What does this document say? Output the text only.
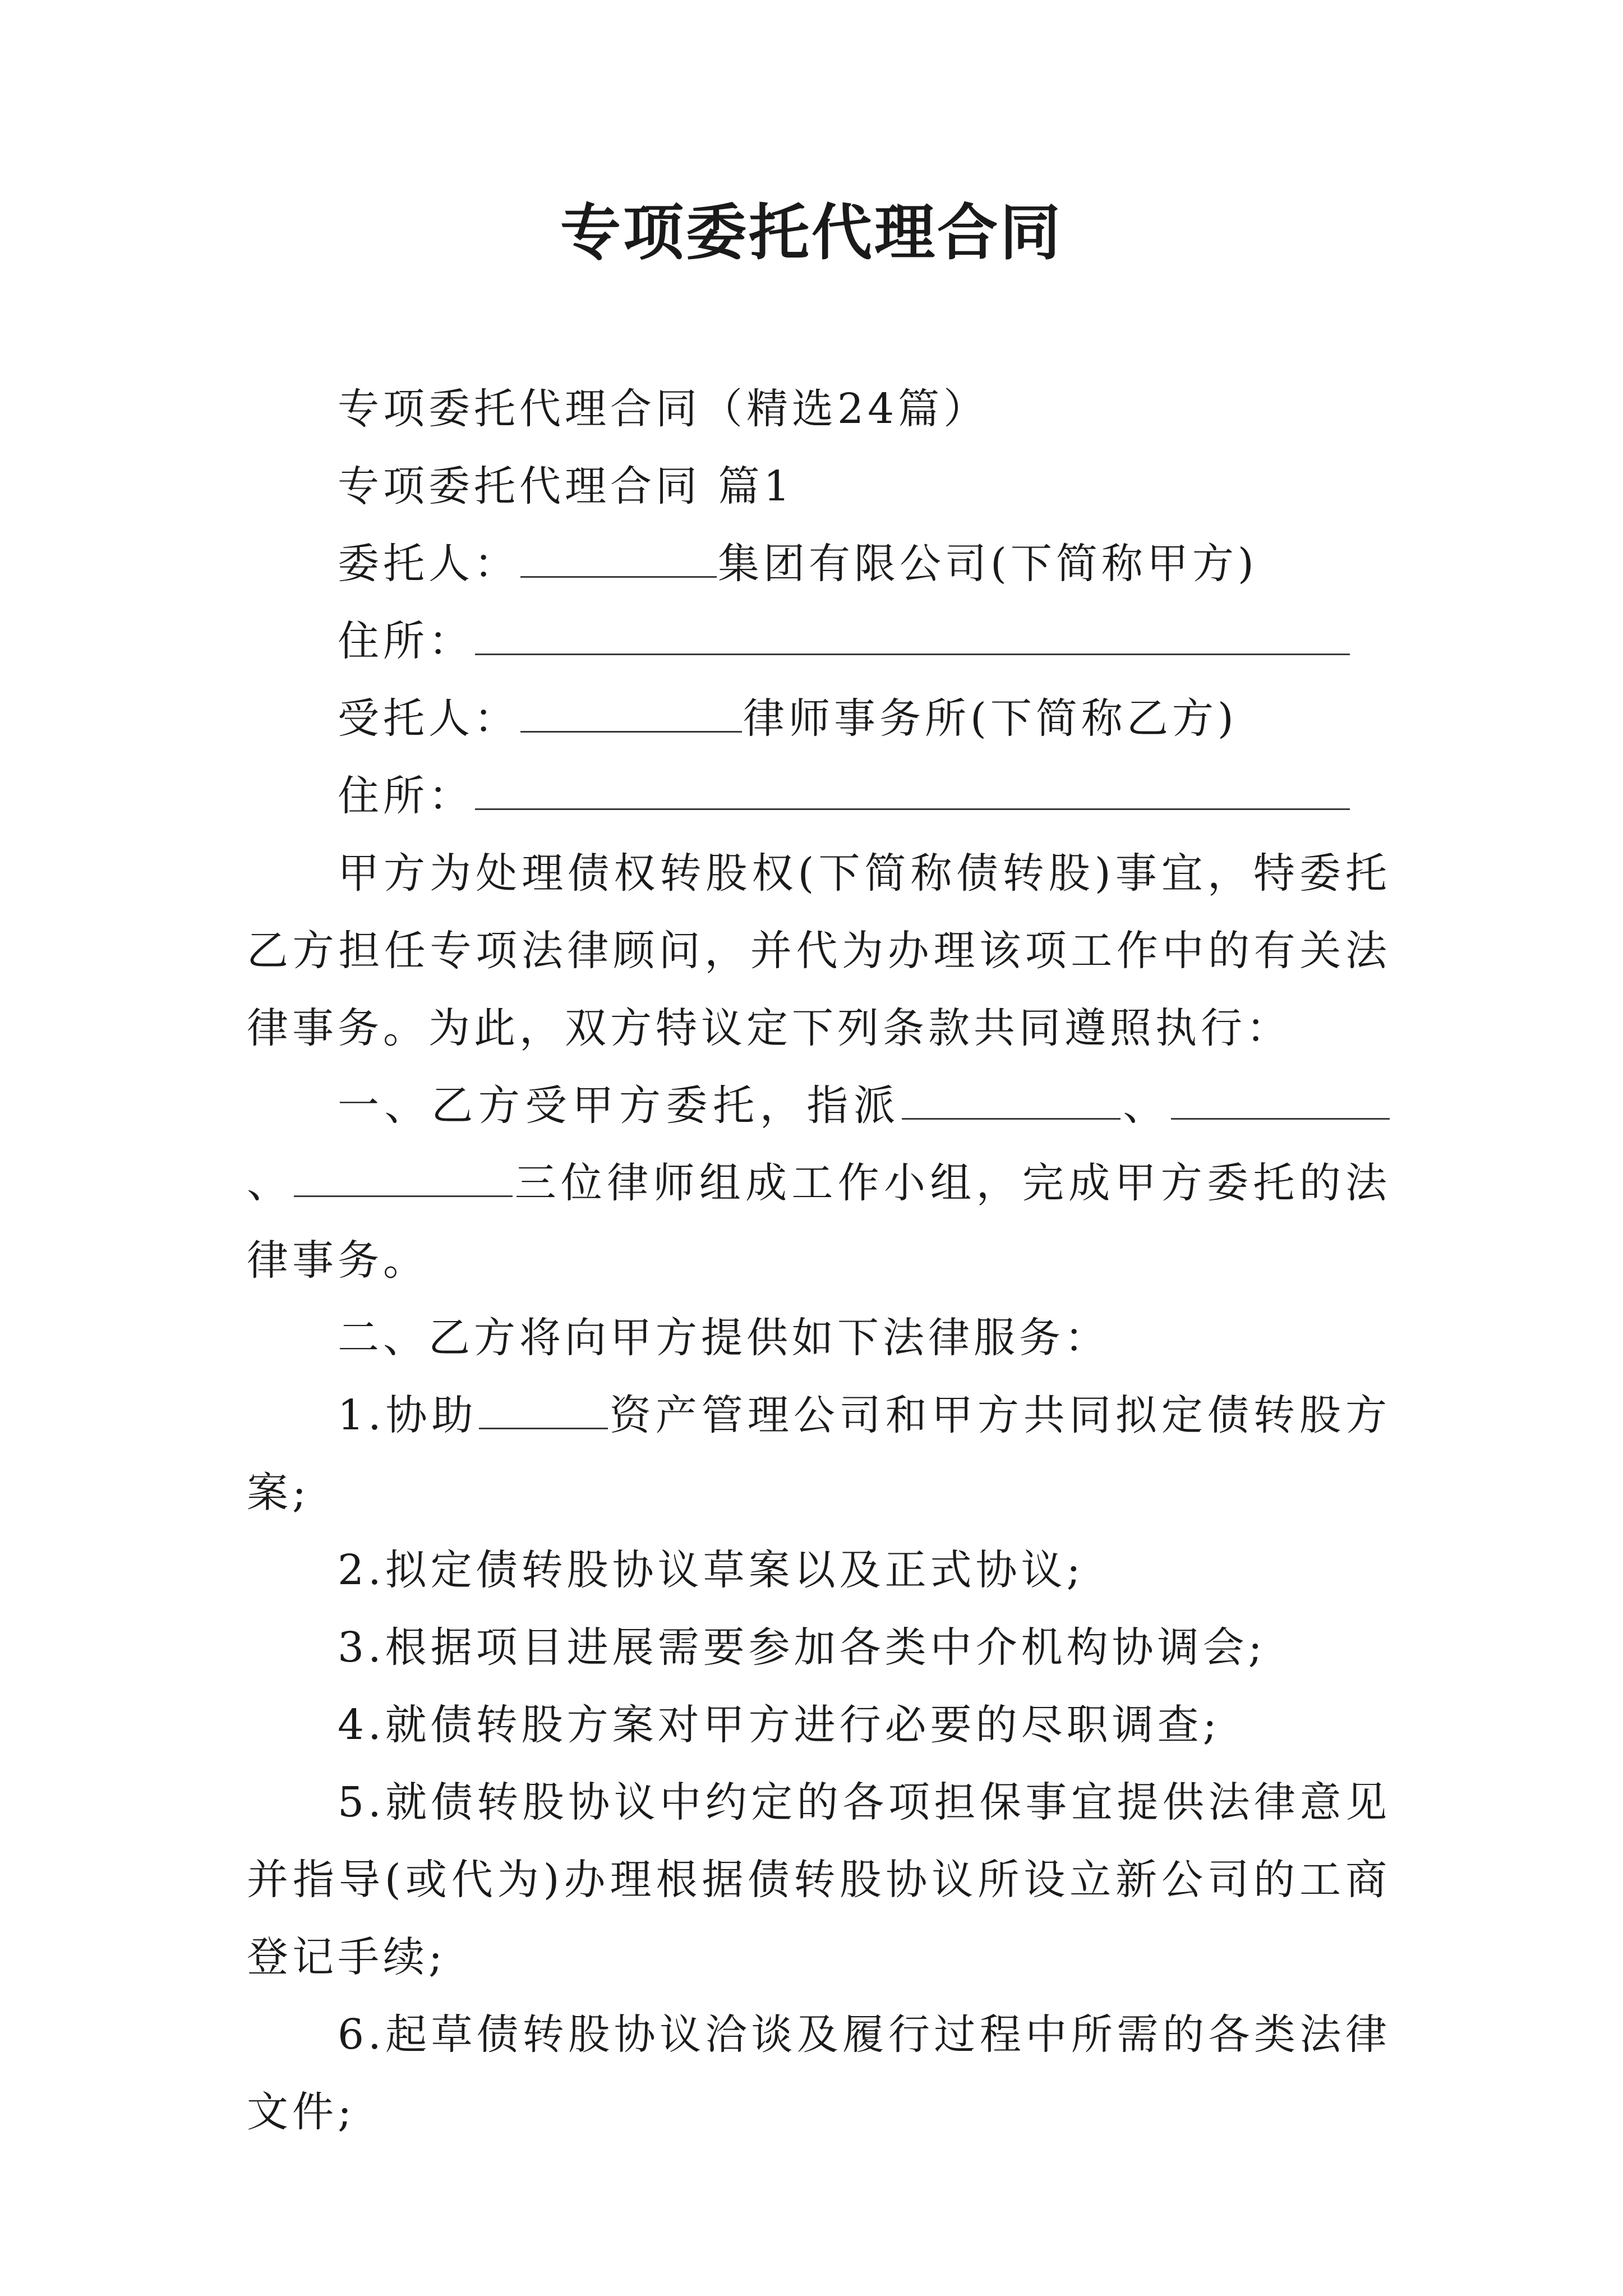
专项委托代理合同

专项委托代理合同（精选24篇）

专项委托代理合同 篇1

委托人：	集团有限公司(下简称甲方)

住所：

受托人：	律师事务所(下简称乙方)

住所：

甲方为处理债权转股权(下简称债转股)事宜，特委托乙方担任专项法律顾问，并代为办理该项工作中的有关法律事务。为此，双方特议定下列条款共同遵照执行：

一、乙方受甲方委托，指派	、、	三位律师组成工作小组，完成甲方委托的法律事务。

二、乙方将向甲方提供如下法律服务：

1.协助	资产管理公司和甲方共同拟定债转股方案;

2.拟定债转股协议草案以及正式协议;

3.根据项目进展需要参加各类中介机构协调会;

4.就债转股方案对甲方进行必要的尽职调查;

5.就债转股协议中约定的各项担保事宜提供法律意见并指导(或代为)办理根据债转股协议所设立新公司的工商登记手续;

6.起草债转股协议洽谈及履行过程中所需的各类法律文件;
